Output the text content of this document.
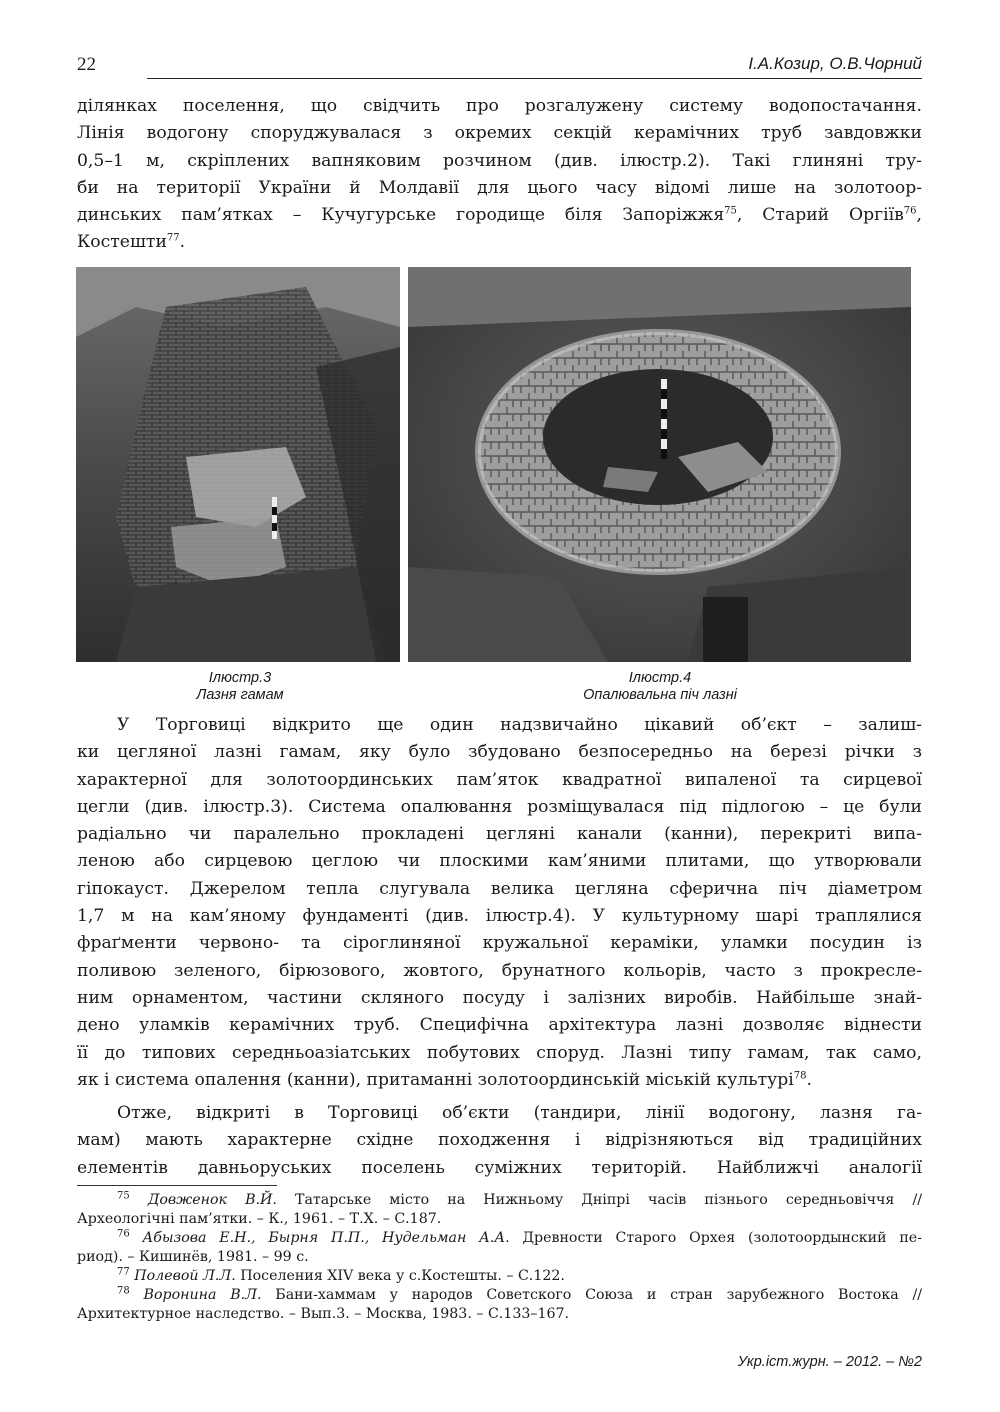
22	І.А.Козир, О.В.Чорний
ділянках поселення, що свідчить про розгалужену систему водопостачання.
Лінія водогону споруджувалася з окремих секцій керамічних труб завдовжки
0,5–1 м, скріплених вапняковим розчином (див. ілюстр.2). Такі глиняні тру-
би на території України й Молдавії для цього часу відомі лише на золотоор-
динських пам’ятках – Кучугурське городище біля Запоріжжя$^{75}$, Старий Оргіїв$^{76}$,
Костешти$^{77}$.
Ілюстр.3
Лазня гамам
Ілюстр.4
Опалювальна піч лазні
У Торговиці відкрито ще один надзвичайно цікавий об’єкт – залиш-
ки цегляної лазні гамам, яку було збудовано безпосередньо на березі річки з
характерної для золотоординських пам’яток квадратної випаленої та сирцевої
цегли (див. ілюстр.3). Система опалювання розміщувалася під підлогою – це були
радіально чи паралельно прокладені цегляні канали (канни), перекриті випа-
леною або сирцевою цеглою чи плоскими кам’яними плитами, що утворювали
гіпокауст. Джерелом тепла слугувала велика цегляна сферична піч діаметром
1,7 м на кам’яному фундаменті (див. ілюстр.4). У культурному шарі траплялися
фраґменти червоно- та сіроглиняної кружальної кераміки, уламки посудин із
поливою зеленого, бірюзового, жовтого, брунатного кольорів, часто з прокресле-
ним орнаментом, частини скляного посуду і залізних виробів. Найбільше знай-
дено уламків керамічних труб. Специфічна архітектура лазні дозволяє віднести
її до типових середньоазіатських побутових споруд. Лазні типу гамам, так само,
як і система опалення (канни), притаманні золотоординській міській культурі$^{78}$.
Отже, відкриті в Торговиці об’єкти (тандири, лінії водогону, лазня га-
мам) мають характерне східне походження і відрізняються від традиційних
елементів давньоруських поселень суміжних територій. Найближчі аналогії
$^{75}$ Довженок В.Й. Татарське місто на Нижньому Дніпрі часів пізнього середньовіччя //
Археологічні пам’ятки. – К., 1961. – Т.Х. – С.187.
$^{76}$ Абызова Е.Н., Бырня П.П., Нудельман А.А. Древности Старого Орхея (золотоордынский пе-
риод). – Кишинёв, 1981. – 99 с.
$^{77}$ Полевой Л.Л. Поселения XIV века у с.Костешты. – С.122.
$^{78}$ Воронина В.Л. Бани-хаммам у народов Советского Союза и стран зарубежного Востока //
Архитектурное наследство. – Вып.3. – Москва, 1983. – С.133–167.
Укр.іст.журн. – 2012. – №2
